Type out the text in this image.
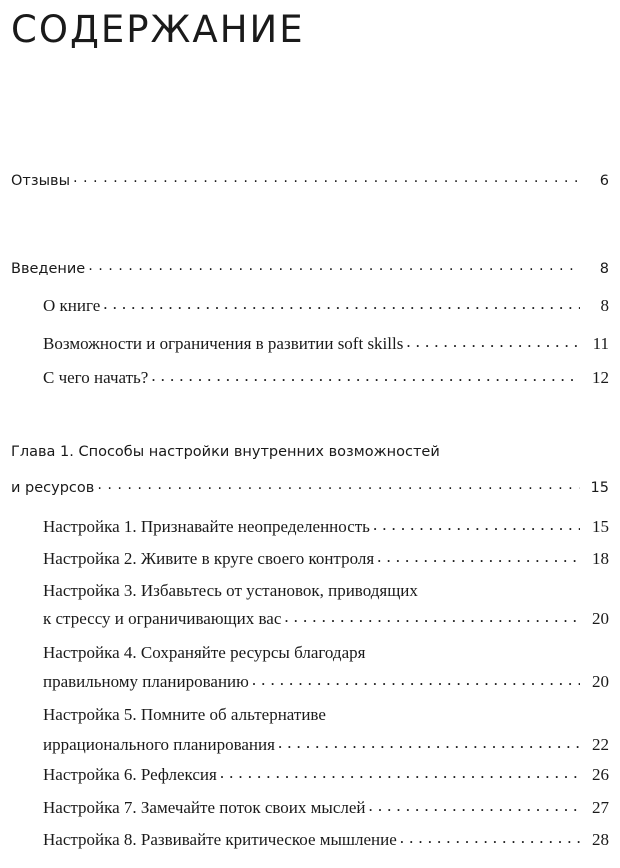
СОДЕРЖАНИЕ
Отзывы . . .	6
Введение . . .	8
О книге . . .	8
Возможности и ограничения в развитии soft skills . . .	11
С чего начать? . . .	12
Глава 1. Способы настройки внутренних возможностей
и ресурсов . . .	15
Настройка 1. Признавайте неопределенность . . .	15
Настройка 2. Живите в круге своего контроля . . .	18
Настройка 3. Избавьтесь от установок, приводящих
к стрессу и ограничивающих вас . . .	20
Настройка 4. Сохраняйте ресурсы благодаря
правильному планированию . . .	20
Настройка 5. Помните об альтернативе
иррационального планирования . . .	22
Настройка 6. Рефлексия . . .	26
Настройка 7. Замечайте поток своих мыслей . . .	27
Настройка 8. Развивайте критическое мышление . . .	28
